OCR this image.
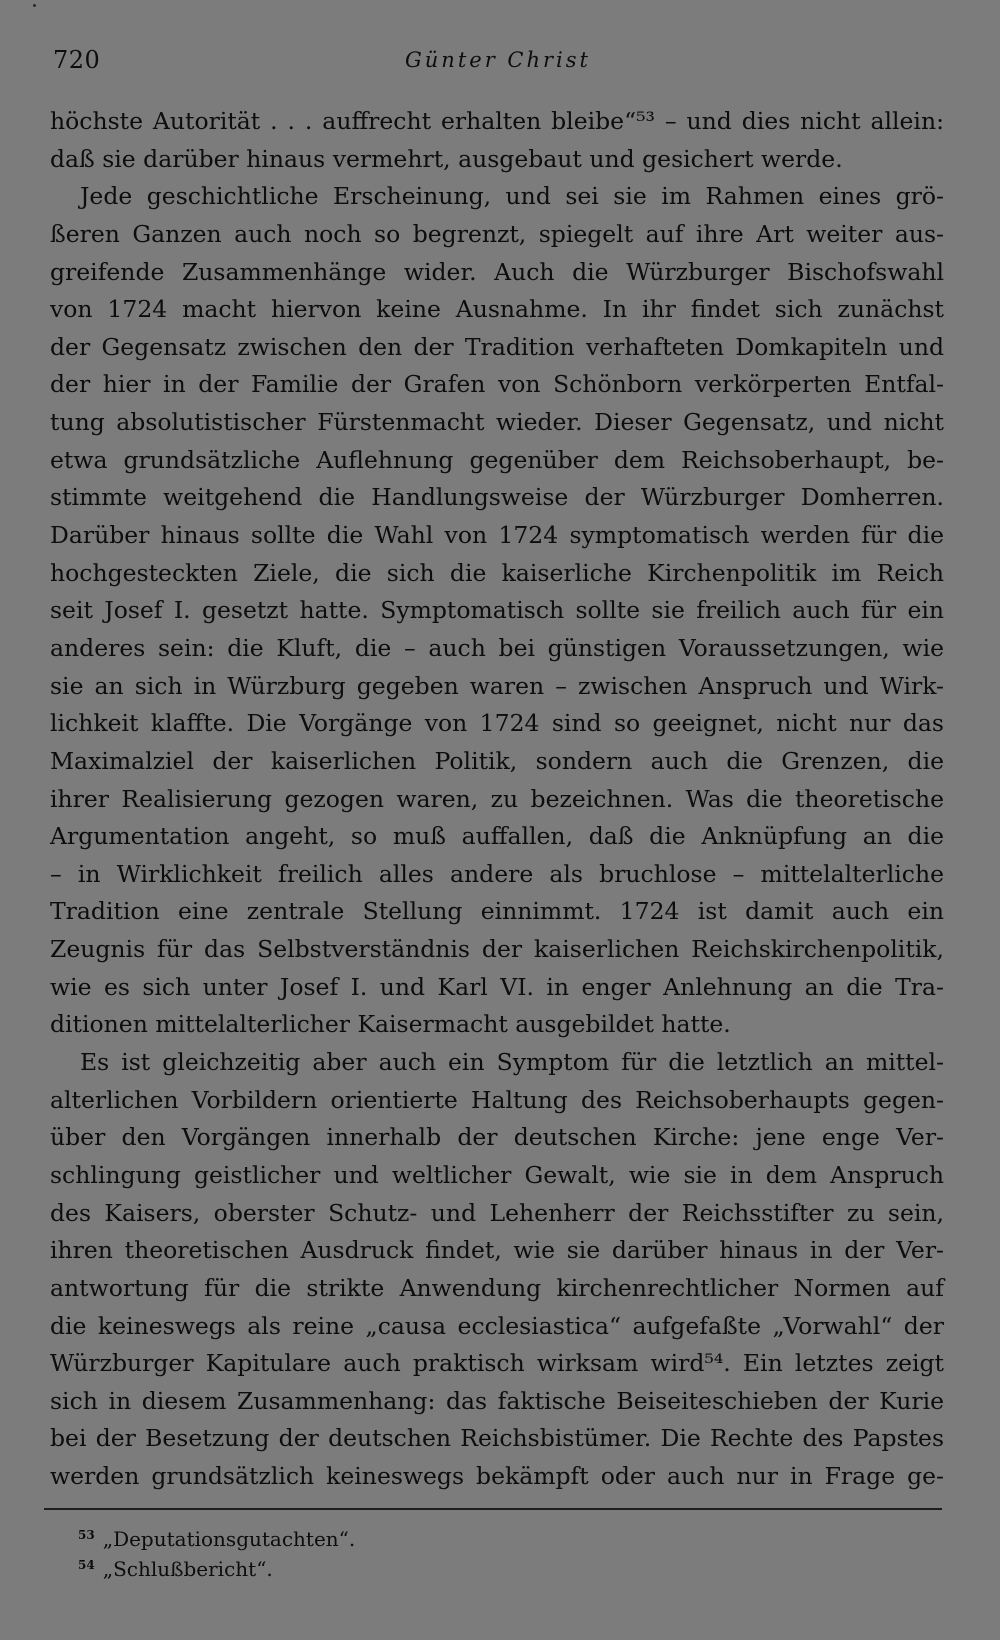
720	Günter Christ
höchste Autorität . . . auffrecht erhalten bleibe“⁵³ – und dies nicht allein:
daß sie darüber hinaus vermehrt, ausgebaut und gesichert werde.
Jede geschichtliche Erscheinung, und sei sie im Rahmen eines grö-
ßeren Ganzen auch noch so begrenzt, spiegelt auf ihre Art weiter aus-
greifende Zusammenhänge wider. Auch die Würzburger Bischofswahl
von 1724 macht hiervon keine Ausnahme. In ihr findet sich zunächst
der Gegensatz zwischen den der Tradition verhafteten Domkapiteln und
der hier in der Familie der Grafen von Schönborn verkörperten Entfal-
tung absolutistischer Fürstenmacht wieder. Dieser Gegensatz, und nicht
etwa grundsätzliche Auflehnung gegenüber dem Reichsoberhaupt, be-
stimmte weitgehend die Handlungsweise der Würzburger Domherren.
Darüber hinaus sollte die Wahl von 1724 symptomatisch werden für die
hochgesteckten Ziele, die sich die kaiserliche Kirchenpolitik im Reich
seit Josef I. gesetzt hatte. Symptomatisch sollte sie freilich auch für ein
anderes sein: die Kluft, die – auch bei günstigen Voraussetzungen, wie
sie an sich in Würzburg gegeben waren – zwischen Anspruch und Wirk-
lichkeit klaffte. Die Vorgänge von 1724 sind so geeignet, nicht nur das
Maximalziel der kaiserlichen Politik, sondern auch die Grenzen, die
ihrer Realisierung gezogen waren, zu bezeichnen. Was die theoretische
Argumentation angeht, so muß auffallen, daß die Anknüpfung an die
– in Wirklichkeit freilich alles andere als bruchlose – mittelalterliche
Tradition eine zentrale Stellung einnimmt. 1724 ist damit auch ein
Zeugnis für das Selbstverständnis der kaiserlichen Reichskirchenpolitik,
wie es sich unter Josef I. und Karl VI. in enger Anlehnung an die Tra-
ditionen mittelalterlicher Kaisermacht ausgebildet hatte.
Es ist gleichzeitig aber auch ein Symptom für die letztlich an mittel-
alterlichen Vorbildern orientierte Haltung des Reichsoberhaupts gegen-
über den Vorgängen innerhalb der deutschen Kirche: jene enge Ver-
schlingung geistlicher und weltlicher Gewalt, wie sie in dem Anspruch
des Kaisers, oberster Schutz- und Lehenherr der Reichsstifter zu sein,
ihren theoretischen Ausdruck findet, wie sie darüber hinaus in der Ver-
antwortung für die strikte Anwendung kirchenrechtlicher Normen auf
die keineswegs als reine „causa ecclesiastica“ aufgefaßte „Vorwahl“ der
Würzburger Kapitulare auch praktisch wirksam wird⁵⁴. Ein letztes zeigt
sich in diesem Zusammenhang: das faktische Beiseiteschieben der Kurie
bei der Besetzung der deutschen Reichsbistümer. Die Rechte des Papstes
werden grundsätzlich keineswegs bekämpft oder auch nur in Frage ge-
$^{53}$ „Deputationsgutachten“.
$^{54}$ „Schlußbericht“.
